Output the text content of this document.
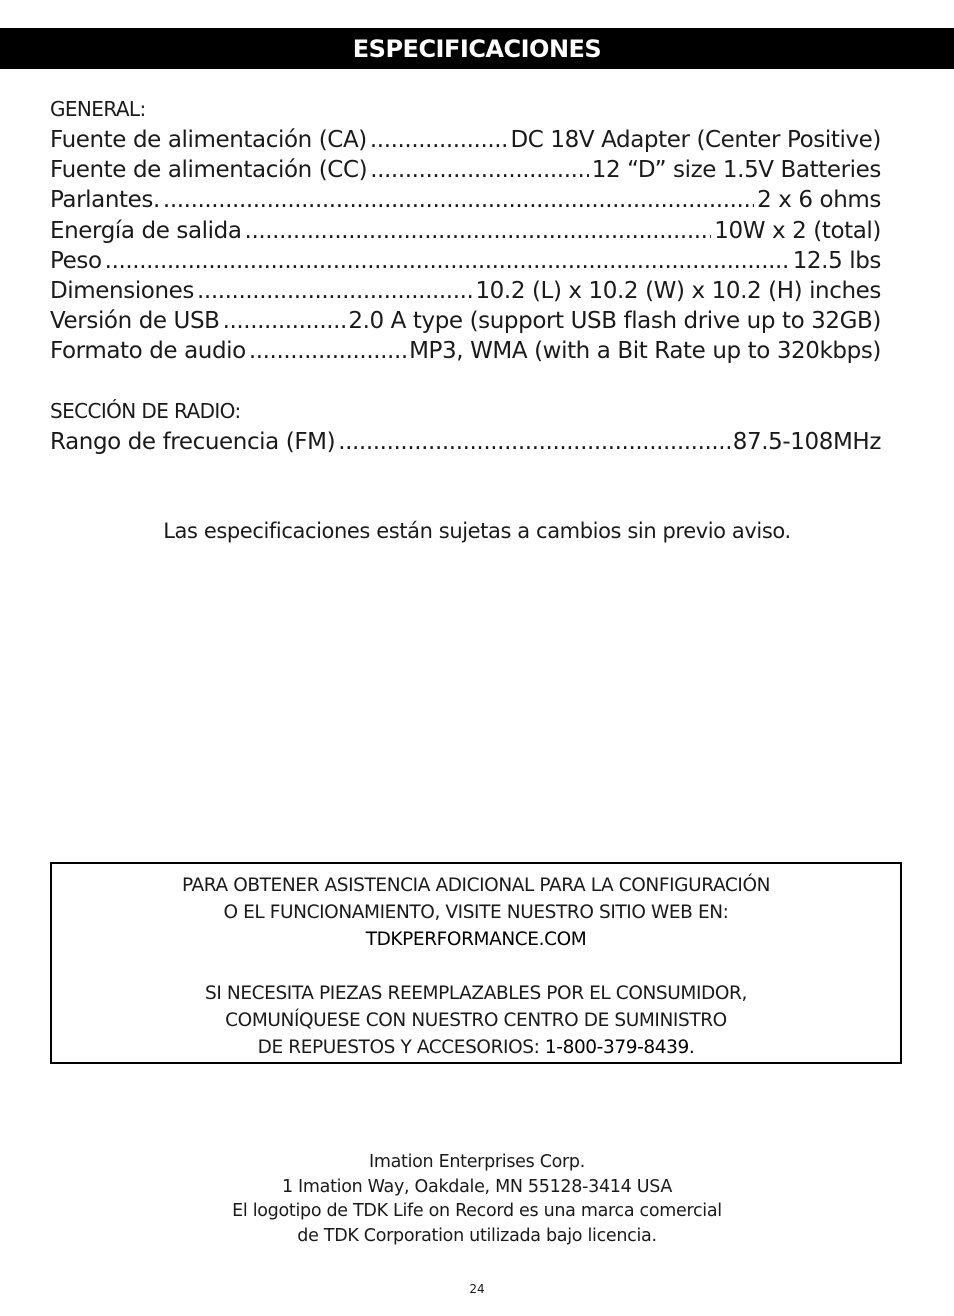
ESPECIFICACIONES
GENERAL:
Fuente de alimentación (CA) .....	DC 18V Adapter (Center Positive)
Fuente de alimentación (CC) .....	12 “D” size 1.5V Batteries
Parlantes. .....	2 x 6 ohms
Energía de salida .....	10W x 2 (total)
Peso .....	12.5 lbs
Dimensiones .....	10.2 (L) x 10.2 (W) x 10.2 (H) inches
Versión de USB .....	2.0 A type (support USB flash drive up to 32GB)
Formato de audio .....	MP3, WMA (with a Bit Rate up to 320kbps)
SECCIÓN DE RADIO:
Rango de frecuencia (FM) .....	87.5-108MHz
Las especificaciones están sujetas a cambios sin previo aviso.
PARA OBTENER ASISTENCIA ADICIONAL PARA LA CONFIGURACIÓN
O EL FUNCIONAMIENTO, VISITE NUESTRO SITIO WEB EN:
TDKPERFORMANCE.COM
SI NECESITA PIEZAS REEMPLAZABLES POR EL CONSUMIDOR,
COMUNÍQUESE CON NUESTRO CENTRO DE SUMINISTRO
DE REPUESTOS Y ACCESORIOS: 1-800-379-8439.
Imation Enterprises Corp.
1 Imation Way, Oakdale, MN 55128-3414 USA
El logotipo de TDK Life on Record es una marca comercial
de TDK Corporation utilizada bajo licencia.
24
